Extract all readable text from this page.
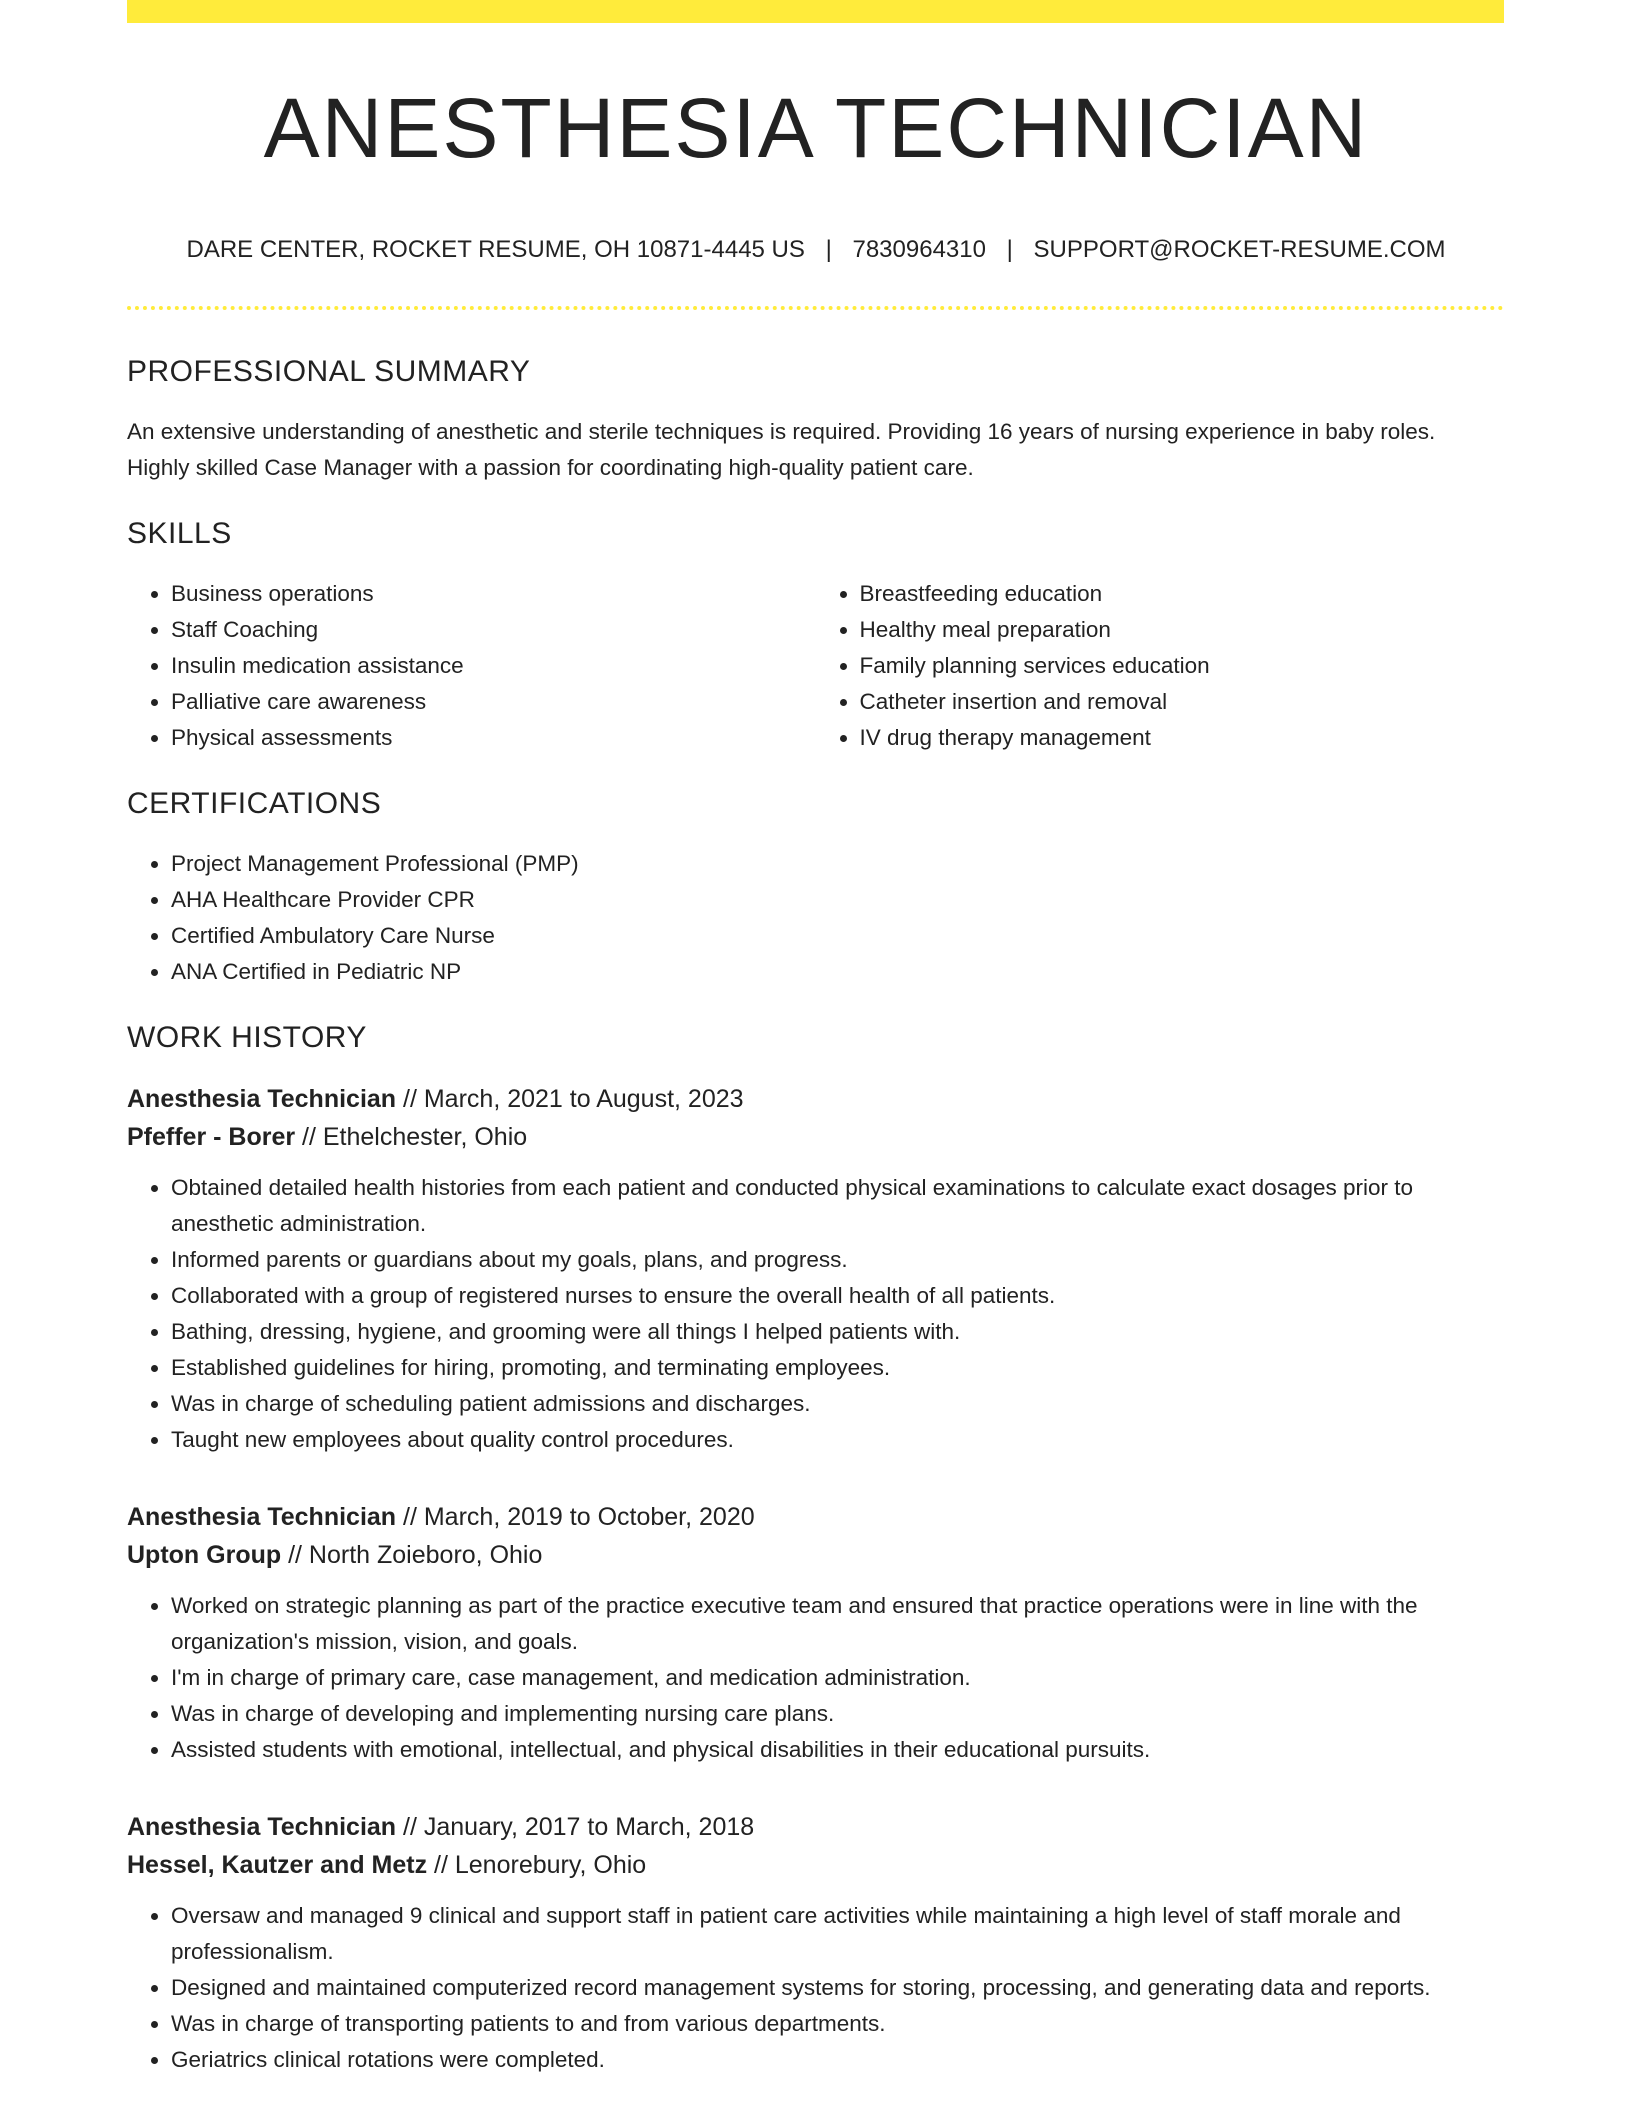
ANESTHESIA TECHNICIAN
DARE CENTER, ROCKET RESUME, OH 10871-4445 US | 7830964310 | SUPPORT@ROCKET-RESUME.COM
PROFESSIONAL SUMMARY

An extensive understanding of anesthetic and sterile techniques is required. Providing 16 years of nursing experience in baby roles. Highly skilled Case Manager with a passion for coordinating high-quality patient care.

SKILLS
• Business operations
• Staff Coaching
• Insulin medication assistance
• Palliative care awareness
• Physical assessments
• Breastfeeding education
• Healthy meal preparation
• Family planning services education
• Catheter insertion and removal
• IV drug therapy management
CERTIFICATIONS
• Project Management Professional (PMP)
• AHA Healthcare Provider CPR
• Certified Ambulatory Care Nurse
• ANA Certified in Pediatric NP
WORK HISTORY

Anesthesia Technician // March, 2021 to August, 2023

Pfeffer - Borer // Ethelchester, Ohio

• Obtained detailed health histories from each patient and conducted physical examinations to calculate exact dosages prior to anesthetic administration.
• Informed parents or guardians about my goals, plans, and progress.
• Collaborated with a group of registered nurses to ensure the overall health of all patients.
• Bathing, dressing, hygiene, and grooming were all things I helped patients with.
• Established guidelines for hiring, promoting, and terminating employees.
• Was in charge of scheduling patient admissions and discharges.
• Taught new employees about quality control procedures.

Anesthesia Technician // March, 2019 to October, 2020

Upton Group // North Zoieboro, Ohio

• Worked on strategic planning as part of the practice executive team and ensured that practice operations were in line with the organization's mission, vision, and goals.
• I'm in charge of primary care, case management, and medication administration.
• Was in charge of developing and implementing nursing care plans.
• Assisted students with emotional, intellectual, and physical disabilities in their educational pursuits.

Anesthesia Technician // January, 2017 to March, 2018

Hessel, Kautzer and Metz // Lenorebury, Ohio

• Oversaw and managed 9 clinical and support staff in patient care activities while maintaining a high level of staff morale and professionalism.
• Designed and maintained computerized record management systems for storing, processing, and generating data and reports.
• Was in charge of transporting patients to and from various departments.
• Geriatrics clinical rotations were completed.
